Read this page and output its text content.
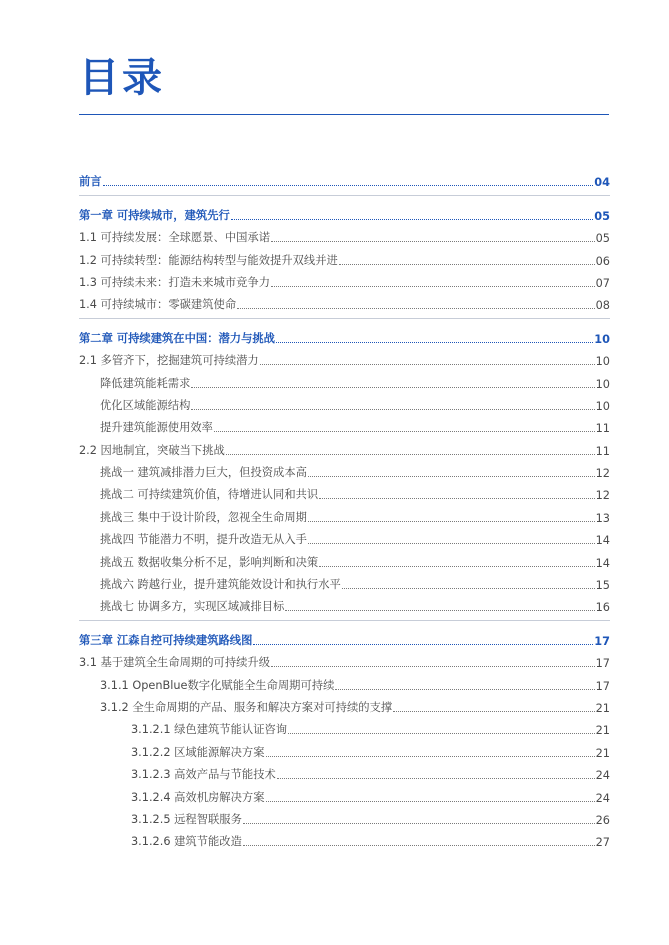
目录
前言	04
第一章 可持续城市，建筑先行	05
1.1 可持续发展：全球愿景、中国承诺	05
1.2 可持续转型：能源结构转型与能效提升双线并进	06
1.3 可持续未来：打造未来城市竞争力	07
1.4 可持续城市：零碳建筑使命	08
第二章 可持续建筑在中国：潜力与挑战	10
2.1 多管齐下，挖掘建筑可持续潜力	10
降低建筑能耗需求	10
优化区域能源结构	10
提升建筑能源使用效率	11
2.2 因地制宜，突破当下挑战	11
挑战一 建筑减排潜力巨大，但投资成本高	12
挑战二 可持续建筑价值，待增进认同和共识	12
挑战三 集中于设计阶段，忽视全生命周期	13
挑战四 节能潜力不明，提升改造无从入手	14
挑战五 数据收集分析不足，影响判断和决策	14
挑战六 跨越行业，提升建筑能效设计和执行水平	15
挑战七 协调多方，实现区域减排目标	16
第三章 江森自控可持续建筑路线图	17
3.1 基于建筑全生命周期的可持续升级	17
3.1.1 OpenBlue数字化赋能全生命周期可持续	17
3.1.2 全生命周期的产品、服务和解决方案对可持续的支撑	21
3.1.2.1 绿色建筑节能认证咨询	21
3.1.2.2 区域能源解决方案	21
3.1.2.3 高效产品与节能技术	24
3.1.2.4 高效机房解决方案	24
3.1.2.5 远程智联服务	26
3.1.2.6 建筑节能改造	27
